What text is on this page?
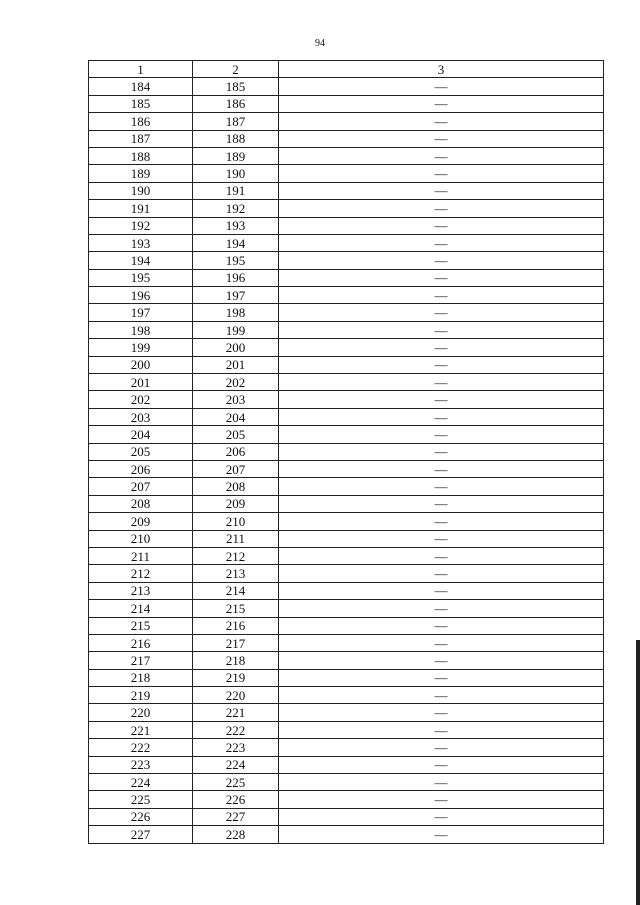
94
1	2	3
184	185	—
185	186	—
186	187	—
187	188	—
188	189	—
189	190	—
190	191	—
191	192	—
192	193	—
193	194	—
194	195	—
195	196	—
196	197	—
197	198	—
198	199	—
199	200	—
200	201	—
201	202	—
202	203	—
203	204	—
204	205	—
205	206	—
206	207	—
207	208	—
208	209	—
209	210	—
210	211	—
211	212	—
212	213	—
213	214	—
214	215	—
215	216	—
216	217	—
217	218	—
218	219	—
219	220	—
220	221	—
221	222	—
222	223	—
223	224	—
224	225	—
225	226	—
226	227	—
227	228	—
